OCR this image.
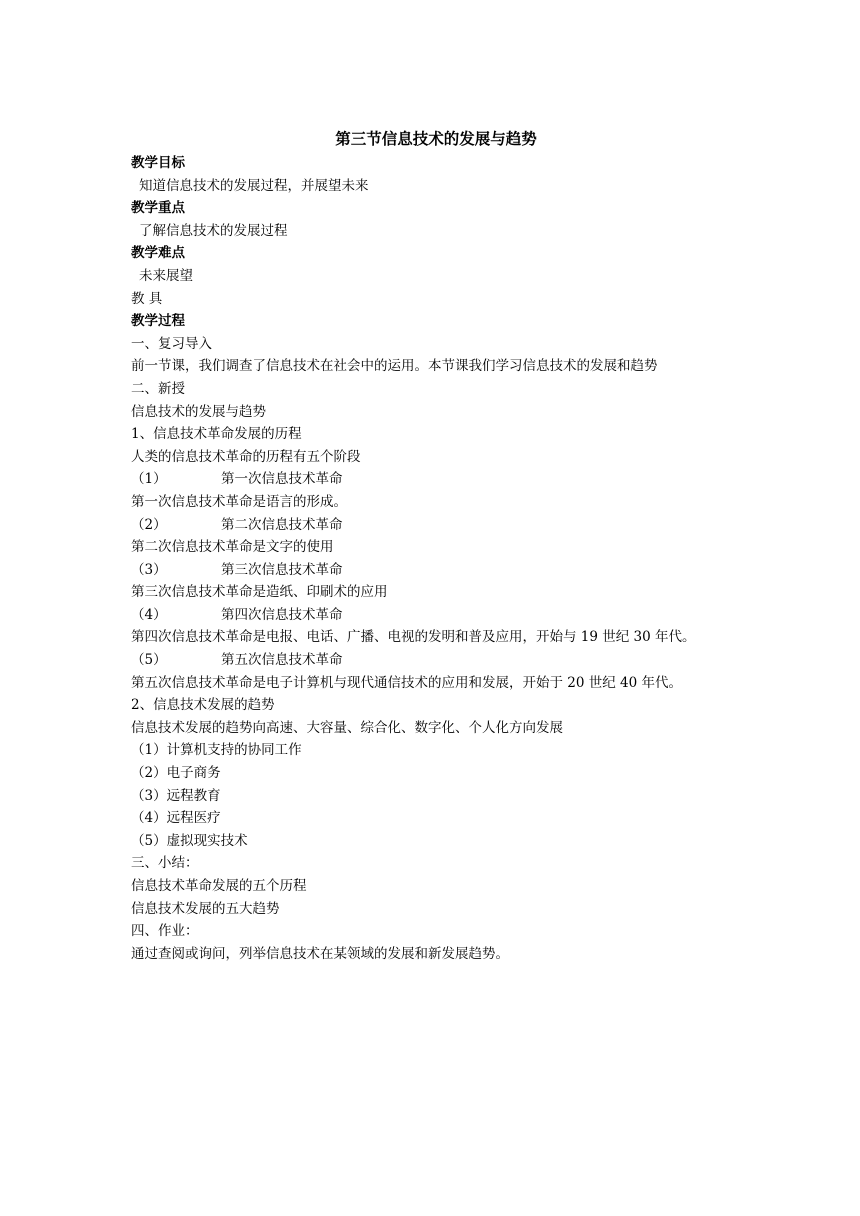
第三节信息技术的发展与趋势
教学目标
知道信息技术的发展过程，并展望未来
教学重点
了解信息技术的发展过程
教学难点
未来展望
教 具
教学过程
一、复习导入
前一节课，我们调查了信息技术在社会中的运用。本节课我们学习信息技术的发展和趋势
二、新授
信息技术的发展与趋势
1、信息技术革命发展的历程
人类的信息技术革命的历程有五个阶段
（1）	第一次信息技术革命
第一次信息技术革命是语言的形成。
（2）	第二次信息技术革命
第二次信息技术革命是文字的使用
（3）	第三次信息技术革命
第三次信息技术革命是造纸、印刷术的应用
（4）	第四次信息技术革命
第四次信息技术革命是电报、电话、广播、电视的发明和普及应用，开始与 19 世纪 30 年代。
（5）	第五次信息技术革命
第五次信息技术革命是电子计算机与现代通信技术的应用和发展，开始于 20 世纪 40 年代。
2、信息技术发展的趋势
信息技术发展的趋势向高速、大容量、综合化、数字化、个人化方向发展
（1）计算机支持的协同工作
（2）电子商务
（3）远程教育
（4）远程医疗
（5）虚拟现实技术
三、小结：
信息技术革命发展的五个历程
信息技术发展的五大趋势
四、作业：
通过查阅或询问，列举信息技术在某领域的发展和新发展趋势。
